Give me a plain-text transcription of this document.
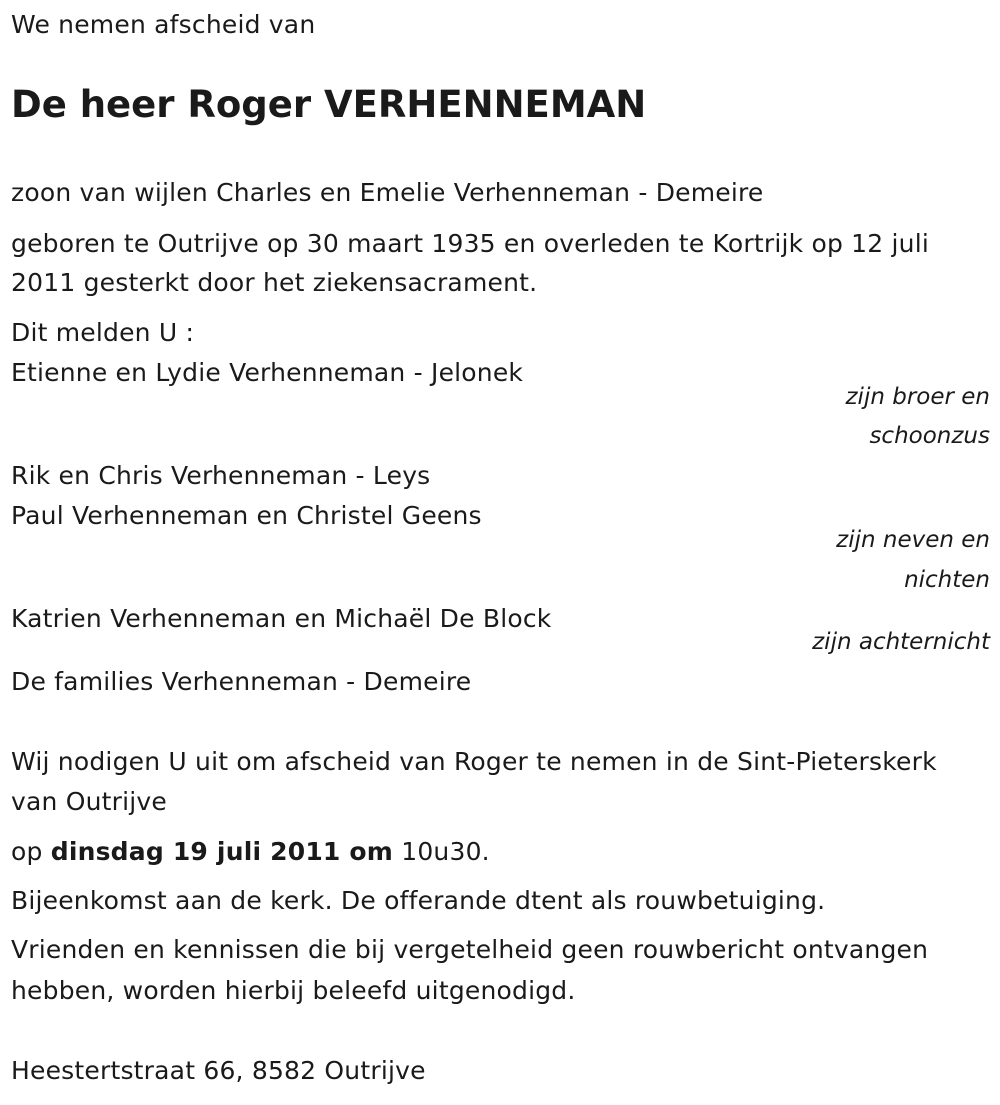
We nemen afscheid van
De heer Roger VERHENNEMAN
zoon van wijlen Charles en Emelie Verhenneman - Demeire
geboren te Outrijve op 30 maart 1935 en overleden te Kortrijk op 12 juli
2011 gesterkt door het ziekensacrament.
Dit melden U :
Etienne en Lydie Verhenneman - Jelonek
zijn broer en
schoonzus
Rik en Chris Verhenneman - Leys
Paul Verhenneman en Christel Geens
zijn neven en
nichten
Katrien Verhenneman en Michaël De Block
zijn achternicht
De families Verhenneman - Demeire
Wij nodigen U uit om afscheid van Roger te nemen in de Sint-Pieterskerk
van Outrijve
op dinsdag 19 juli 2011 om 10u30.
Bijeenkomst aan de kerk. De offerande dtent als rouwbetuiging.
Vrienden en kennissen die bij vergetelheid geen rouwbericht ontvangen
hebben, worden hierbij beleefd uitgenodigd.
Heestertstraat 66, 8582 Outrijve
